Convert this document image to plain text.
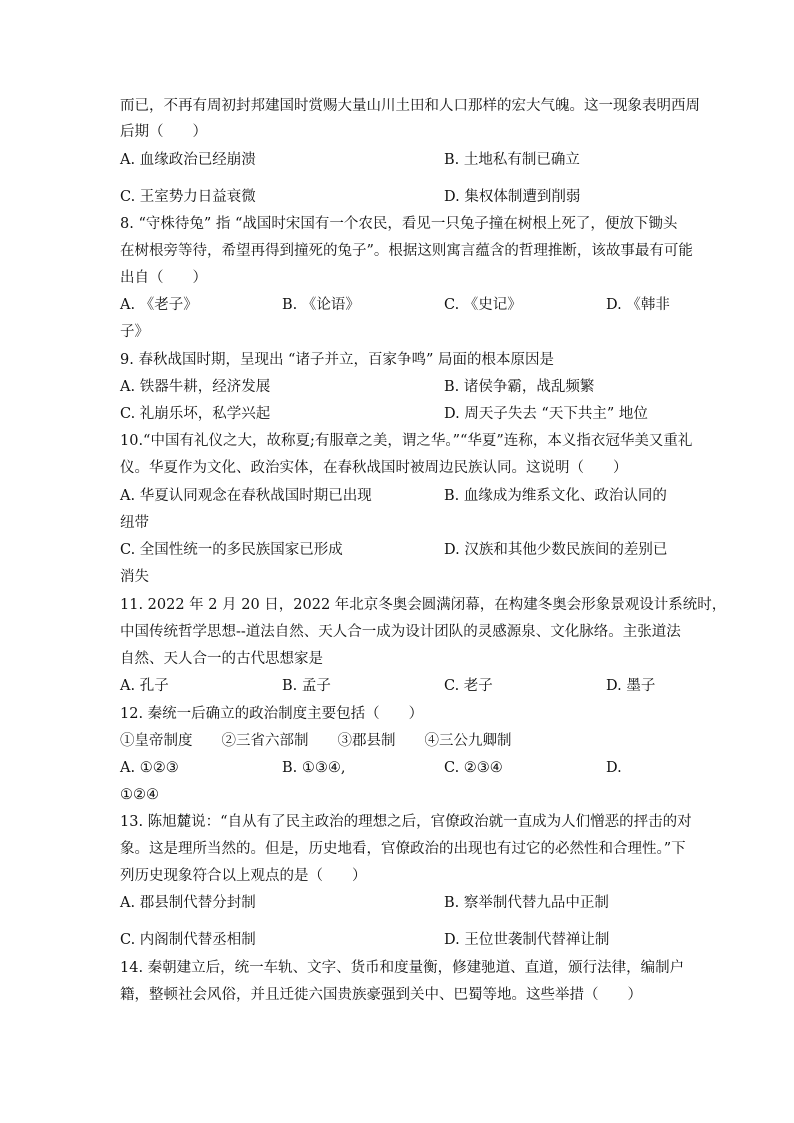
而已，不再有周初封邦建国时赏赐大量山川土田和人口那样的宏大气魄。这一现象表明西周
后期（　　）
A. 血缘政治已经崩溃	B. 土地私有制已确立
C. 王室势力日益衰微	D. 集权体制遭到削弱
8. “守株待兔” 指 “战国时宋国有一个农民，看见一只兔子撞在树根上死了，便放下锄头
在树根旁等待，希望再得到撞死的兔子”。根据这则寓言蕴含的哲理推断，该故事最有可能
出自（　　）
A. 《老子》	B. 《论语》	C. 《史记》	D. 《韩非
子》
9. 春秋战国时期，呈现出 “诸子并立，百家争鸣” 局面的根本原因是
A. 铁器牛耕，经济发展	B. 诸侯争霸，战乱频繁
C. 礼崩乐坏，私学兴起	D. 周天子失去 “天下共主” 地位
10.“中国有礼仪之大，故称夏;有服章之美，谓之华。”“华夏”连称，本义指衣冠华美又重礼
仪。华夏作为文化、政治实体，在春秋战国时被周边民族认同。这说明（　　）
A. 华夏认同观念在春秋战国时期已出现	B. 血缘成为维系文化、政治认同的
纽带
C. 全国性统一的多民族国家已形成	D. 汉族和其他少数民族间的差别已
消失
11. 2022 年 2 月 20 日，2022 年北京冬奥会圆满闭幕，在构建冬奥会形象景观设计系统时，
中国传统哲学思想--道法自然、天人合一成为设计团队的灵感源泉、文化脉络。主张道法
自然、天人合一的古代思想家是
A. 孔子	B. 孟子	C. 老子	D. 墨子
12. 秦统一后确立的政治制度主要包括（　　）
①皇帝制度　　②三省六部制　　③郡县制　　④三公九卿制
A. ①②③	B. ①③④,	C. ②③④	D.
①②④
13. 陈旭麓说：“自从有了民主政治的理想之后，官僚政治就一直成为人们憎恶的抨击的对
象。这是理所当然的。但是，历史地看，官僚政治的出现也有过它的必然性和合理性。”下
列历史现象符合以上观点的是（　　）
A. 郡县制代替分封制	B. 察举制代替九品中正制
C. 内阁制代替丞相制	D. 王位世袭制代替禅让制
14. 秦朝建立后，统一车轨、文字、货币和度量衡，修建驰道、直道，颁行法律，编制户
籍，整顿社会风俗，并且迁徙六国贵族豪强到关中、巴蜀等地。这些举措（　　）
